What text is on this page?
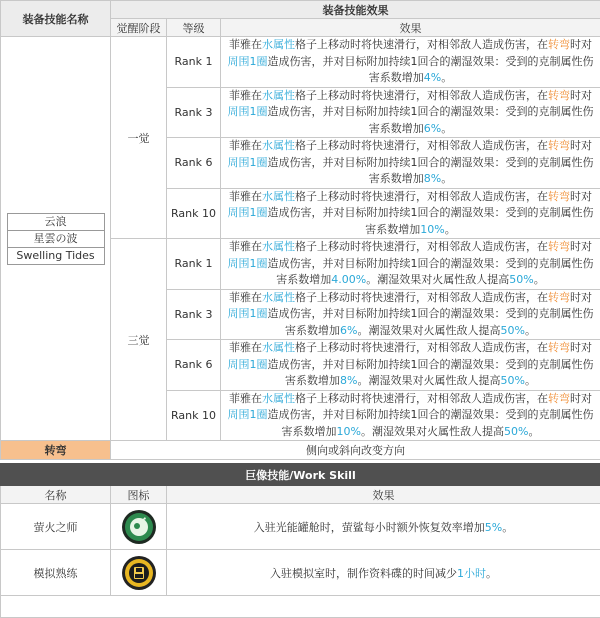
装备技能名称	装备技能效果		
	觉醒阶段	等级	效果

云浪
星雲の波
Swelling Tides	一觉	Rank 1	菲雅在水属性格子上移动时将快速滑行，对相邻敌人造成伤害，在转弯时对周围1圈造成伤害，并对目标附加持续1回合的潮湿效果：受到的克制属性伤害系数增加4%。
		Rank 3	菲雅在水属性格子上移动时将快速滑行，对相邻敌人造成伤害，在转弯时对周围1圈造成伤害，并对目标附加持续1回合的潮湿效果：受到的克制属性伤害系数增加6%。
		Rank 6	菲雅在水属性格子上移动时将快速滑行，对相邻敌人造成伤害，在转弯时对周围1圈造成伤害，并对目标附加持续1回合的潮湿效果：受到的克制属性伤害系数增加8%。
		Rank 10	菲雅在水属性格子上移动时将快速滑行，对相邻敌人造成伤害，在转弯时对周围1圈造成伤害，并对目标附加持续1回合的潮湿效果：受到的克制属性伤害系数增加10%。
	三觉	Rank 1	菲雅在水属性格子上移动时将快速滑行，对相邻敌人造成伤害，在转弯时对周围1圈造成伤害，并对目标附加持续1回合的潮湿效果：受到的克制属性伤害系数增加4.00%。潮湿效果对火属性敌人提高50%。
		Rank 3	菲雅在水属性格子上移动时将快速滑行，对相邻敌人造成伤害，在转弯时对周围1圈造成伤害，并对目标附加持续1回合的潮湿效果：受到的克制属性伤害系数增加6%。潮湿效果对火属性敌人提高50%。
		Rank 6	菲雅在水属性格子上移动时将快速滑行，对相邻敌人造成伤害，在转弯时对周围1圈造成伤害，并对目标附加持续1回合的潮湿效果：受到的克制属性伤害系数增加8%。潮湿效果对火属性敌人提高50%。
		Rank 10	菲雅在水属性格子上移动时将快速滑行，对相邻敌人造成伤害，在转弯时对周围1圈造成伤害，并对目标附加持续1回合的潮湿效果：受到的克制属性伤害系数增加10%。潮湿效果对火属性敌人提高50%。
转弯	侧向或斜向改变方向		
巨像技能/Work Skill		
名称	图标	效果
萤火之师		入驻光能罐舱时，萤鲨每小时额外恢复效率增加5%。
模拟熟练		入驻模拟室时，制作资料碟的时间减少1小时。
